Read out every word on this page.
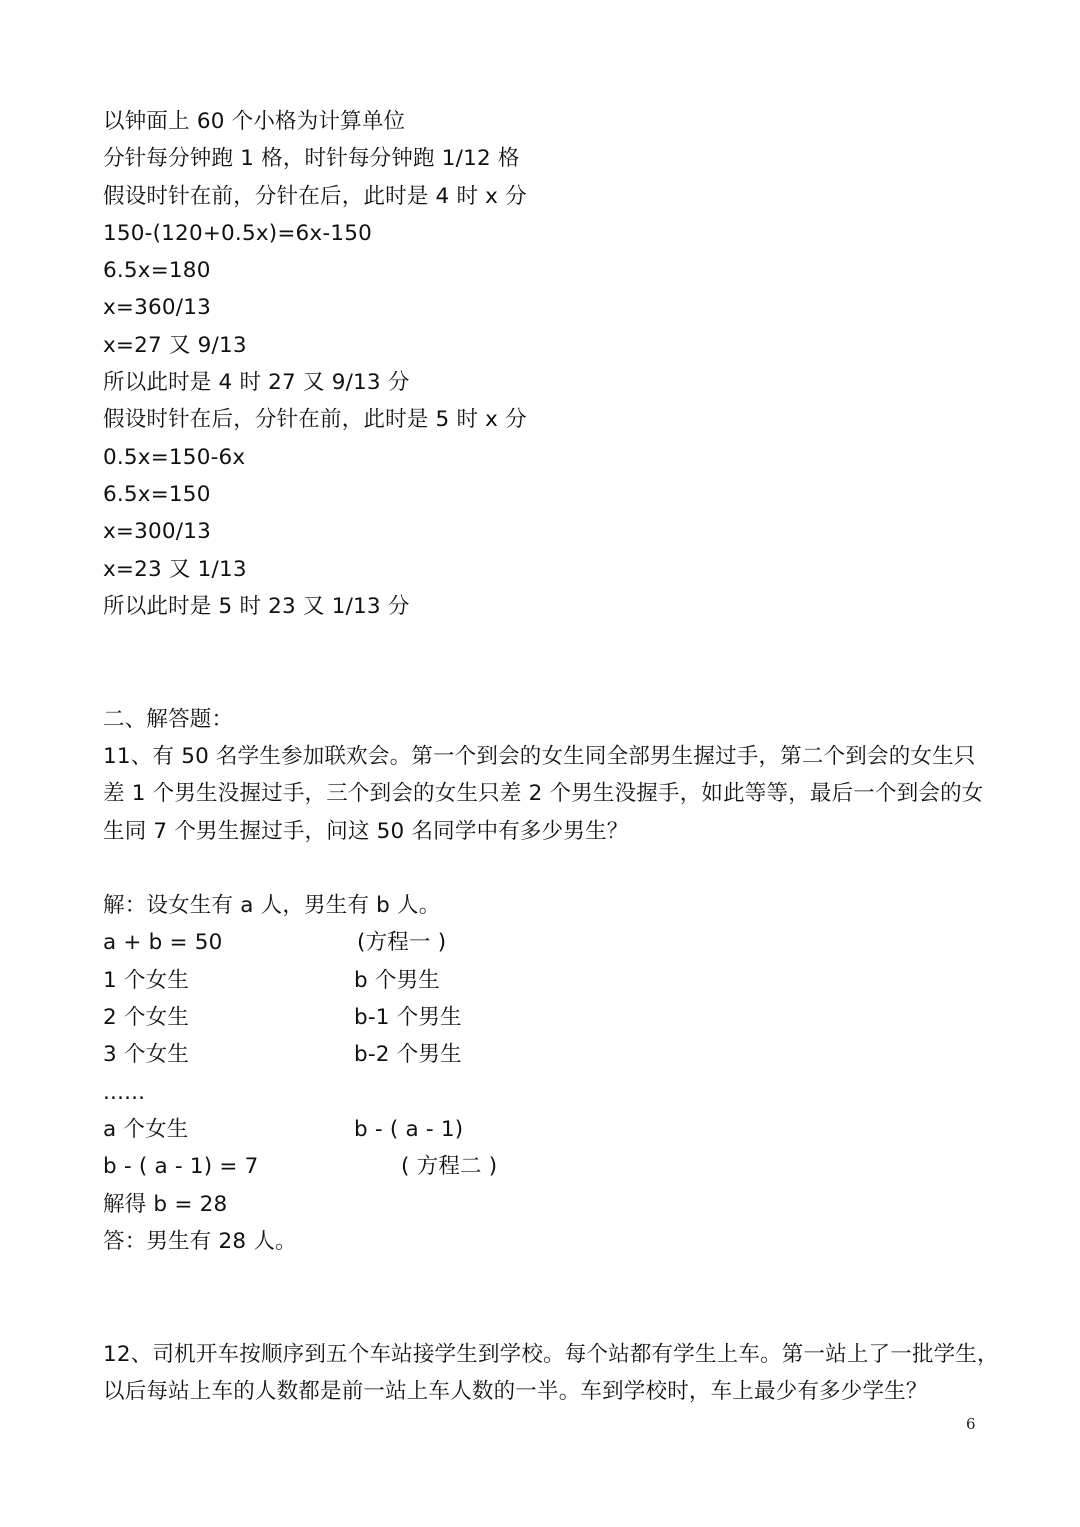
以钟面上 60 个小格为计算单位
分针每分钟跑 1 格，时针每分钟跑 1/12 格
假设时针在前，分针在后，此时是 4 时 x 分
150-(120+0.5x)=6x-150
6.5x=180
x=360/13
x=27 又 9/13
所以此时是 4 时 27 又 9/13 分
假设时针在后，分针在前，此时是 5 时 x 分
0.5x=150-6x
6.5x=150
x=300/13
x=23 又 1/13
所以此时是 5 时 23 又 1/13 分
二、解答题：
11、有 50 名学生参加联欢会。第一个到会的女生同全部男生握过手，第二个到会的女生只
差 1 个男生没握过手，三个到会的女生只差 2 个男生没握手，如此等等，最后一个到会的女
生同 7 个男生握过手，问这 50 名同学中有多少男生？
解：设女生有 a 人，男生有 b 人。
a + b = 50	(方程一 )
1 个女生	b 个男生
2 个女生	b-1 个男生
3 个女生	b-2 个男生
......
a 个女生	b - ( a - 1)
b - ( a - 1) = 7	( 方程二 )
解得 b = 28
答：男生有 28 人。
12、司机开车按顺序到五个车站接学生到学校。每个站都有学生上车。第一站上了一批学生，
以后每站上车的人数都是前一站上车人数的一半。车到学校时，车上最少有多少学生？
6
